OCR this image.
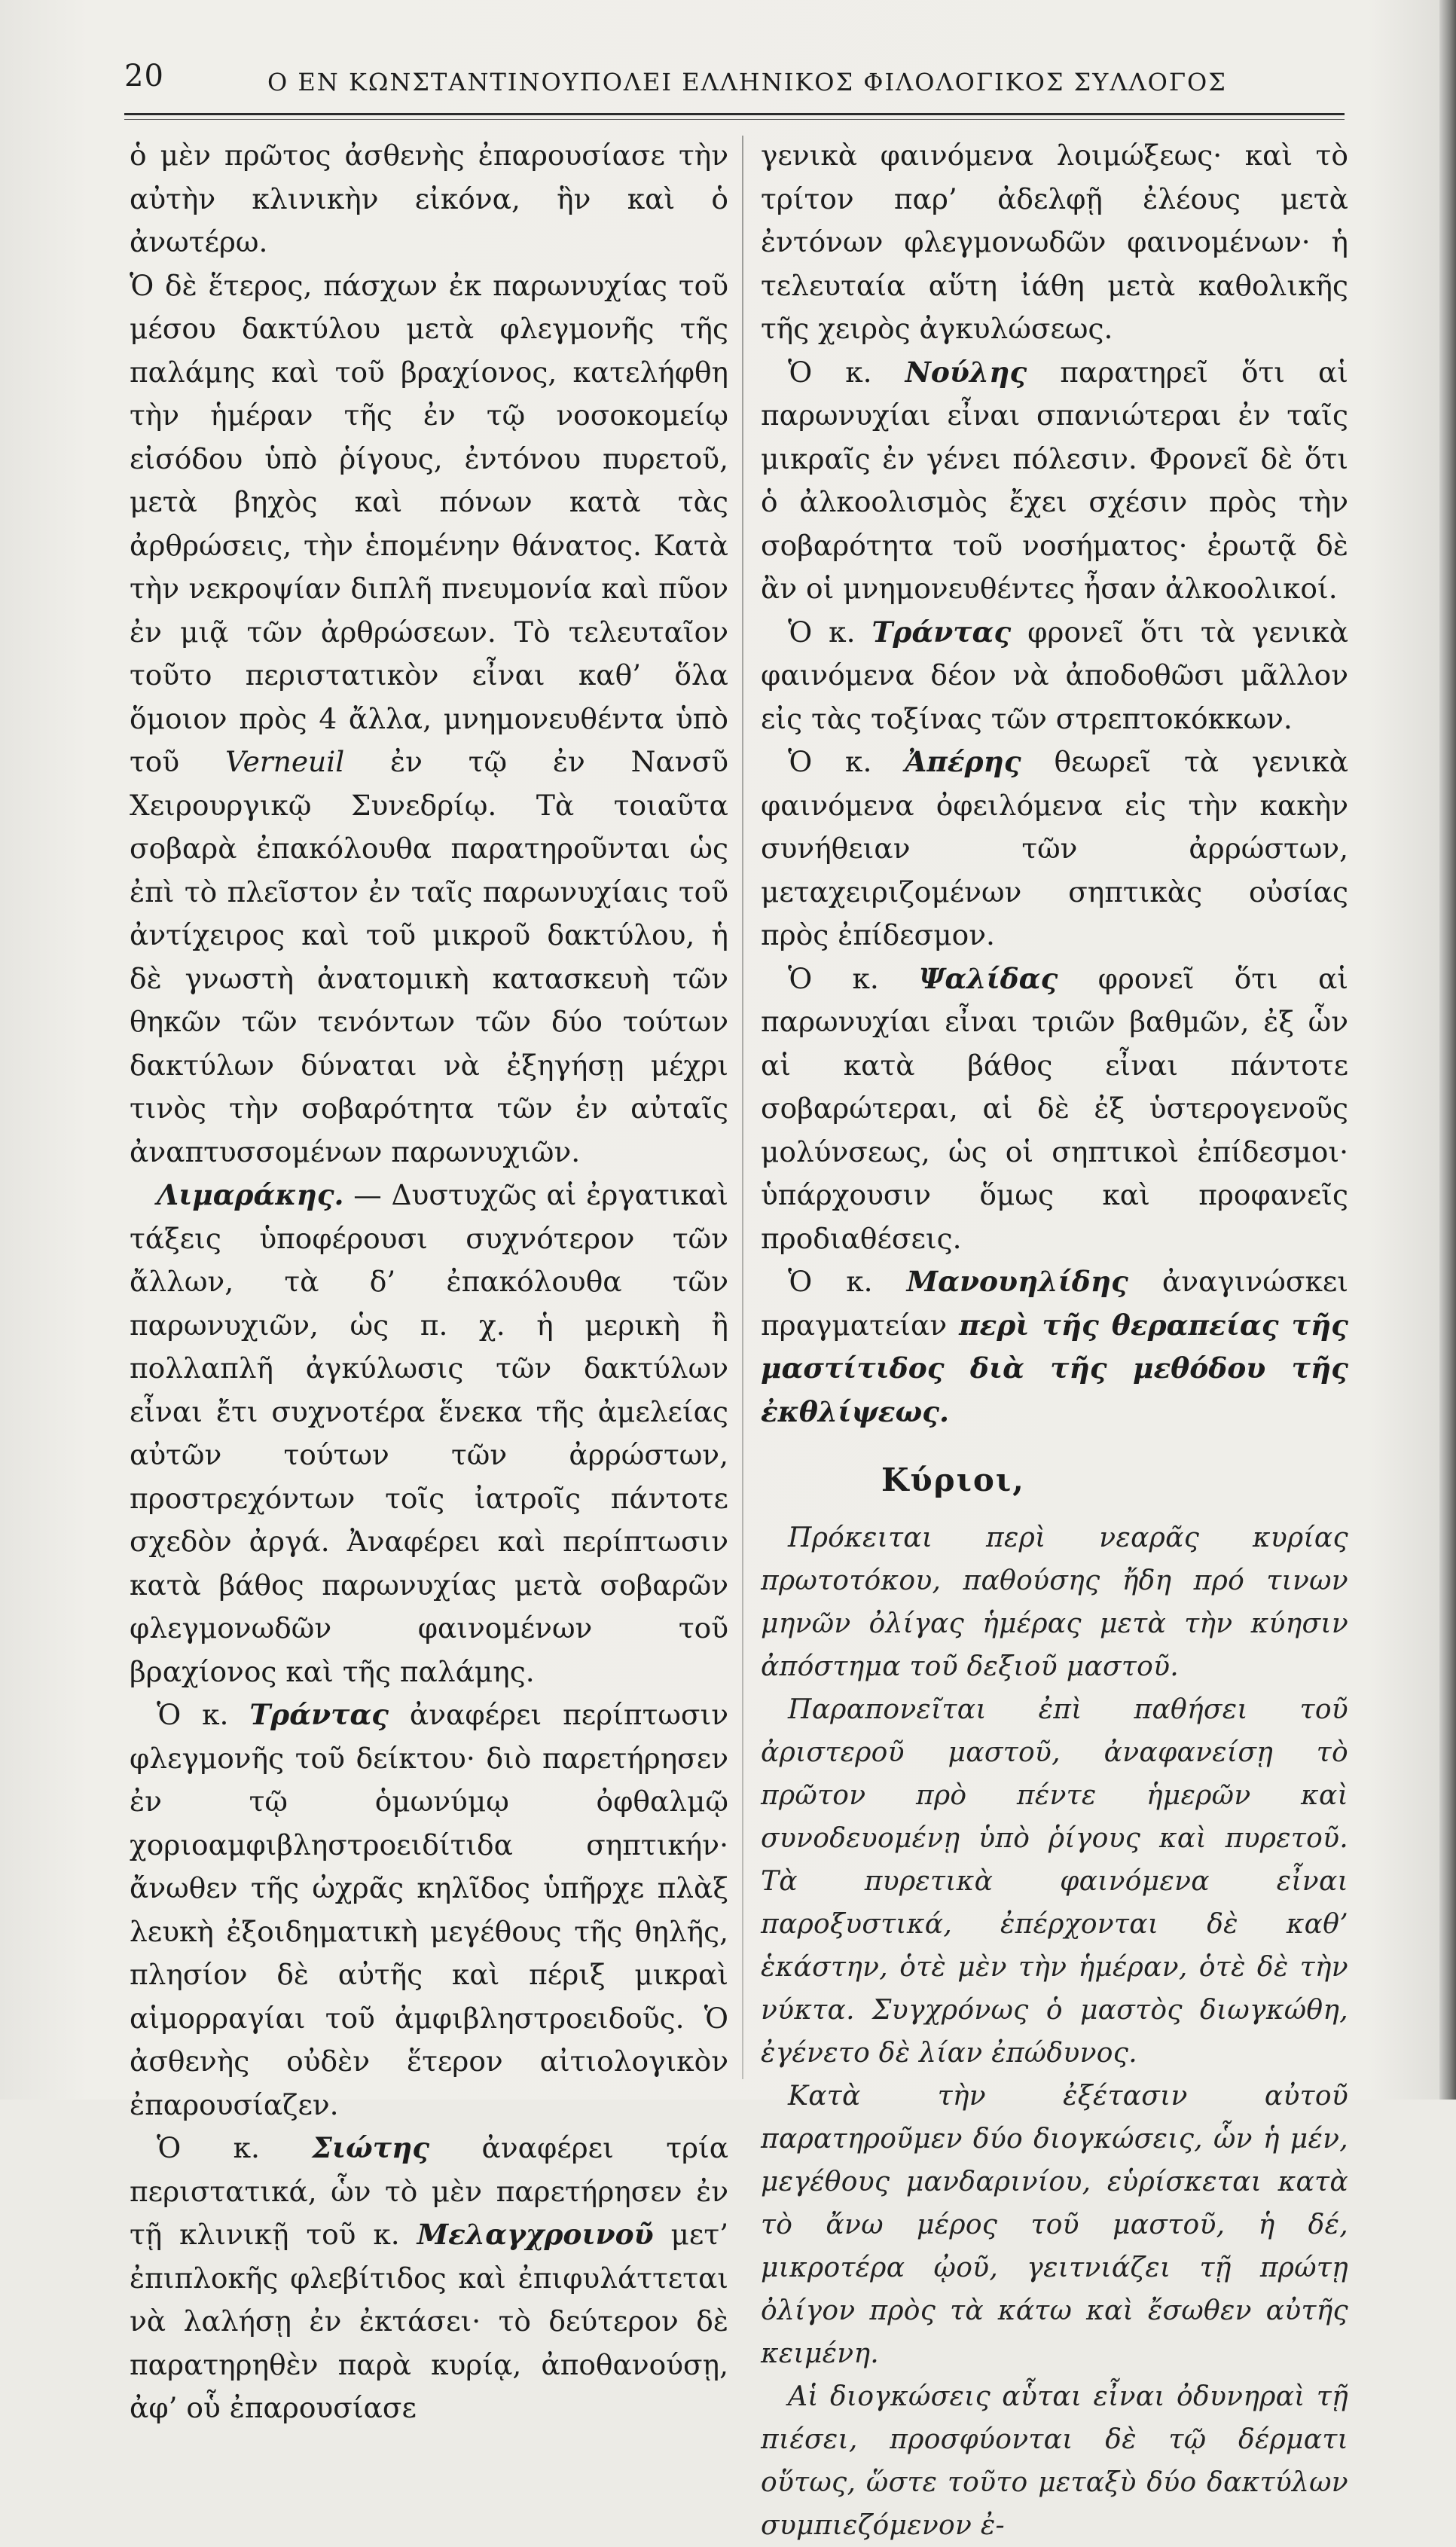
20	Ο ΕΝ ΚΩΝΣΤΑΝΤΙΝΟΥΠΟΛΕΙ ΕΛΛΗΝΙΚΟΣ ΦΙΛΟΛΟΓΙΚΟΣ ΣΥΛΛΟΓΟΣ

ὁ μὲν πρῶτος ἀσθενὴς ἐπαρουσίασε τὴν αὐτὴν κλινικὴν εἰκόνα, ἣν καὶ ὁ ἀνωτέρω.

Ὁ δὲ ἕτερος, πάσχων ἐκ παρωνυχίας τοῦ μέσου δακτύλου μετὰ φλεγμονῆς τῆς παλάμης καὶ τοῦ βραχίονος, κατελήφθη τὴν ἡμέραν τῆς ἐν τῷ νοσοκομείῳ εἰσόδου ὑπὸ ῥίγους, ἐντόνου πυρετοῦ, μετὰ βηχὸς καὶ πόνων κατὰ τὰς ἀρθρώσεις, τὴν ἑπομένην θάνατος. Κατὰ τὴν νεκροψίαν διπλῆ πνευμονία καὶ πῦον ἐν μιᾷ τῶν ἀρθρώσεων. Τὸ τελευταῖον τοῦτο περιστατικὸν εἶναι καθ’ ὅλα ὅμοιον πρὸς 4 ἄλλα, μνημονευθέντα ὑπὸ τοῦ Verneuil ἐν τῷ ἐν Νανσῦ Χειρουργικῷ Συνεδρίῳ. Τὰ τοιαῦτα σοβαρὰ ἐπακόλουθα παρατηροῦνται ὡς ἐπὶ τὸ πλεῖστον ἐν ταῖς παρωνυχίαις τοῦ ἀντίχειρος καὶ τοῦ μικροῦ δακτύλου, ἡ δὲ γνωστὴ ἀνατομικὴ κατασκευὴ τῶν θηκῶν τῶν τενόντων τῶν δύο τούτων δακτύλων δύναται νὰ ἐξηγήσῃ μέχρι τινὸς τὴν σοβαρότητα τῶν ἐν αὐταῖς ἀναπτυσσομένων παρωνυχιῶν.

Λιμαράκης. — Δυστυχῶς αἱ ἐργατικαὶ τάξεις ὑποφέρουσι συχνότερον τῶν ἄλλων, τὰ δ’ ἐπακόλουθα τῶν παρωνυχιῶν, ὡς π. χ. ἡ μερικὴ ἢ πολλαπλῆ ἀγκύλωσις τῶν δακτύλων εἶναι ἔτι συχνοτέρα ἕνεκα τῆς ἀμελείας αὐτῶν τούτων τῶν ἀρρώστων, προστρεχόντων τοῖς ἰατροῖς πάντοτε σχεδὸν ἀργά. Ἀναφέρει καὶ περίπτωσιν κατὰ βάθος παρωνυχίας μετὰ σοβαρῶν φλεγμονωδῶν φαινομένων τοῦ βραχίονος καὶ τῆς παλάμης.

Ὁ κ. Τράντας ἀναφέρει περίπτωσιν φλεγμονῆς τοῦ δείκτου· διὸ παρετήρησεν ἐν τῷ ὁμωνύμῳ ὀφθαλμῷ χοριοαμφιβληστροειδίτιδα σηπτικήν· ἄνωθεν τῆς ὠχρᾶς κηλῖδος ὑπῆρχε πλὰξ λευκὴ ἐξοιδηματικὴ μεγέθους τῆς θηλῆς, πλησίον δὲ αὐτῆς καὶ πέριξ μικραὶ αἱμορραγίαι τοῦ ἀμφιβληστροειδοῦς. Ὁ ἀσθενὴς οὐδὲν ἕτερον αἰτιολογικὸν ἐπαρουσίαζεν.

Ὁ κ. Σιώτης ἀναφέρει τρία περιστατικά, ὧν τὸ μὲν παρετήρησεν ἐν τῇ κλινικῇ τοῦ κ. Μελαγχροινοῦ μετ’ ἐπιπλοκῆς φλεβίτιδος καὶ ἐπιφυλάττεται νὰ λαλήσῃ ἐν ἐκτάσει· τὸ δεύτερον δὲ παρατηρηθὲν παρὰ κυρίᾳ, ἀποθανούσῃ, ἀφ’ οὗ ἐπαρουσίασε

γενικὰ φαινόμενα λοιμώξεως· καὶ τὸ τρίτον παρ’ ἀδελφῇ ἐλέους μετὰ ἐντόνων φλεγμονωδῶν φαινομένων· ἡ τελευταία αὕτη ἰάθη μετὰ καθολικῆς τῆς χειρὸς ἀγκυλώσεως.

Ὁ κ. Νούλης παρατηρεῖ ὅτι αἱ παρωνυχίαι εἶναι σπανιώτεραι ἐν ταῖς μικραῖς ἐν γένει πόλεσιν. Φρονεῖ δὲ ὅτι ὁ ἀλκοολισμὸς ἔχει σχέσιν πρὸς τὴν σοβαρότητα τοῦ νοσήματος· ἐρωτᾷ δὲ ἂν οἱ μνημονευθέντες ἦσαν ἀλκοολικοί.

Ὁ κ. Τράντας φρονεῖ ὅτι τὰ γενικὰ φαινόμενα δέον νὰ ἀποδοθῶσι μᾶλλον εἰς τὰς τοξίνας τῶν στρεπτοκόκκων.

Ὁ κ. Ἀπέρης θεωρεῖ τὰ γενικὰ φαινόμενα ὀφειλόμενα εἰς τὴν κακὴν συνήθειαν τῶν ἀρρώστων, μεταχειριζομένων σηπτικὰς οὐσίας πρὸς ἐπίδεσμον.

Ὁ κ. Ψαλίδας φρονεῖ ὅτι αἱ παρωνυχίαι εἶναι τριῶν βαθμῶν, ἐξ ὧν αἱ κατὰ βάθος εἶναι πάντοτε σοβαρώτεραι, αἱ δὲ ἐξ ὑστερογενοῦς μολύνσεως, ὡς οἱ σηπτικοὶ ἐπίδεσμοι· ὑπάρχουσιν ὅμως καὶ προφανεῖς προδιαθέσεις.

Ὁ κ. Μανουηλίδης ἀναγινώσκει πραγματείαν περὶ τῆς θεραπείας τῆς μαστίτιδος διὰ τῆς μεθόδου τῆς ἐκθλίψεως.

Κύριοι,

Πρόκειται περὶ νεαρᾶς κυρίας πρωτοτόκου, παθούσης ἤδη πρό τινων μηνῶν ὀλίγας ἡμέρας μετὰ τὴν κύησιν ἀπόστημα τοῦ δεξιοῦ μαστοῦ.

Παραπονεῖται ἐπὶ παθήσει τοῦ ἀριστεροῦ μαστοῦ, ἀναφανείσῃ τὸ πρῶτον πρὸ πέντε ἡμερῶν καὶ συνοδευομένῃ ὑπὸ ῥίγους καὶ πυρετοῦ. Τὰ πυρετικὰ φαινόμενα εἶναι παροξυστικά, ἐπέρχονται δὲ καθ’ ἑκάστην, ὁτὲ μὲν τὴν ἡμέραν, ὁτὲ δὲ τὴν νύκτα. Συγχρόνως ὁ μαστὸς διωγκώθη, ἐγένετο δὲ λίαν ἐπώδυνος.

Κατὰ τὴν ἐξέτασιν αὐτοῦ παρατηροῦμεν δύο διογκώσεις, ὧν ἡ μέν, μεγέθους μανδαρινίου, εὑρίσκεται κατὰ τὸ ἄνω μέρος τοῦ μαστοῦ, ἡ δέ, μικροτέρα ᾠοῦ, γειτνιάζει τῇ πρώτῃ ὀλίγον πρὸς τὰ κάτω καὶ ἔσωθεν αὐτῆς κειμένη.

Αἱ διογκώσεις αὗται εἶναι ὀδυνηραὶ τῇ πιέσει, προσφύονται δὲ τῷ δέρματι οὕτως, ὥστε τοῦτο μεταξὺ δύο δακτύλων συμπιεζόμενον ἐ-
